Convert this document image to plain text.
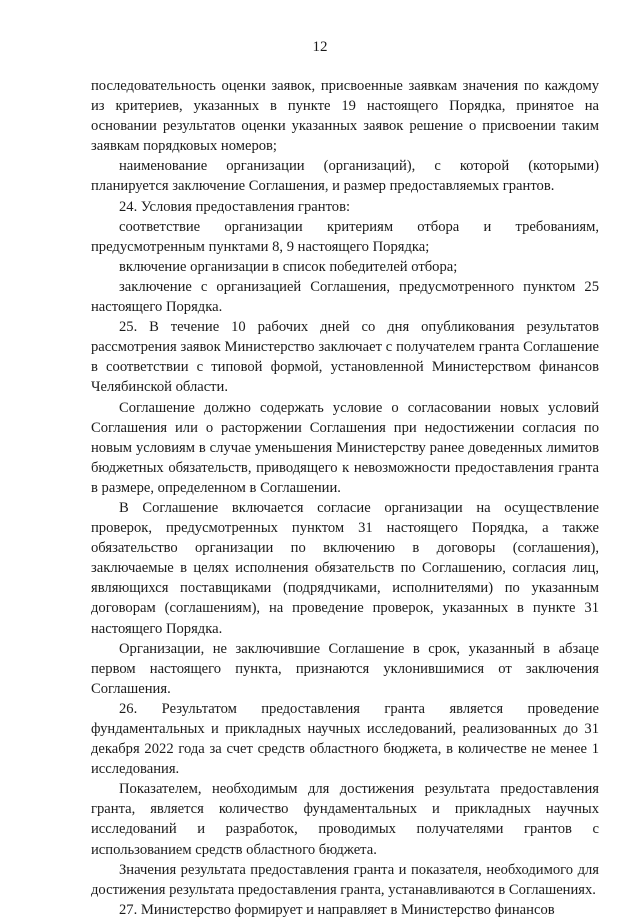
12

последовательность оценки заявок, присвоенные заявкам значения по каждому из критериев, указанных в пункте 19 настоящего Порядка, принятое на основании результатов оценки указанных заявок решение о присвоении таким заявкам порядковых номеров;

наименование организации (организаций), с которой (которыми) планируется заключение Соглашения, и размер предоставляемых грантов.

24. Условия предоставления грантов:

соответствие организации критериям отбора и требованиям, предусмотренным пунктами 8, 9 настоящего Порядка;

включение организации в список победителей отбора;

заключение с организацией Соглашения, предусмотренного пунктом 25 настоящего Порядка.

25. В течение 10 рабочих дней со дня опубликования результатов рассмотрения заявок Министерство заключает с получателем гранта Соглашение в соответствии с типовой формой, установленной Министерством финансов Челябинской области.

Соглашение должно содержать условие о согласовании новых условий Соглашения или о расторжении Соглашения при недостижении согласия по новым условиям в случае уменьшения Министерству ранее доведенных лимитов бюджетных обязательств, приводящего к невозможности предоставления гранта в размере, определенном в Соглашении.

В Соглашение включается согласие организации на осуществление проверок, предусмотренных пунктом 31 настоящего Порядка, а также обязательство организации по включению в договоры (соглашения), заключаемые в целях исполнения обязательств по Соглашению, согласия лиц, являющихся поставщиками (подрядчиками, исполнителями) по указанным договорам (соглашениям), на проведение проверок, указанных в пункте 31 настоящего Порядка.

Организации, не заключившие Соглашение в срок, указанный в абзаце первом настоящего пункта, признаются уклонившимися от заключения Соглашения.

26. Результатом предоставления гранта является проведение фундаментальных и прикладных научных исследований, реализованных до 31 декабря 2022 года за счет средств областного бюджета, в количестве не менее 1 исследования.

Показателем, необходимым для достижения результата предоставления гранта, является количество фундаментальных и прикладных научных исследований и разработок, проводимых получателями грантов с использованием средств областного бюджета.

Значения результата предоставления гранта и показателя, необходимого для достижения результата предоставления гранта, устанавливаются в Соглашениях.

27. Министерство формирует и направляет в Министерство финансов
